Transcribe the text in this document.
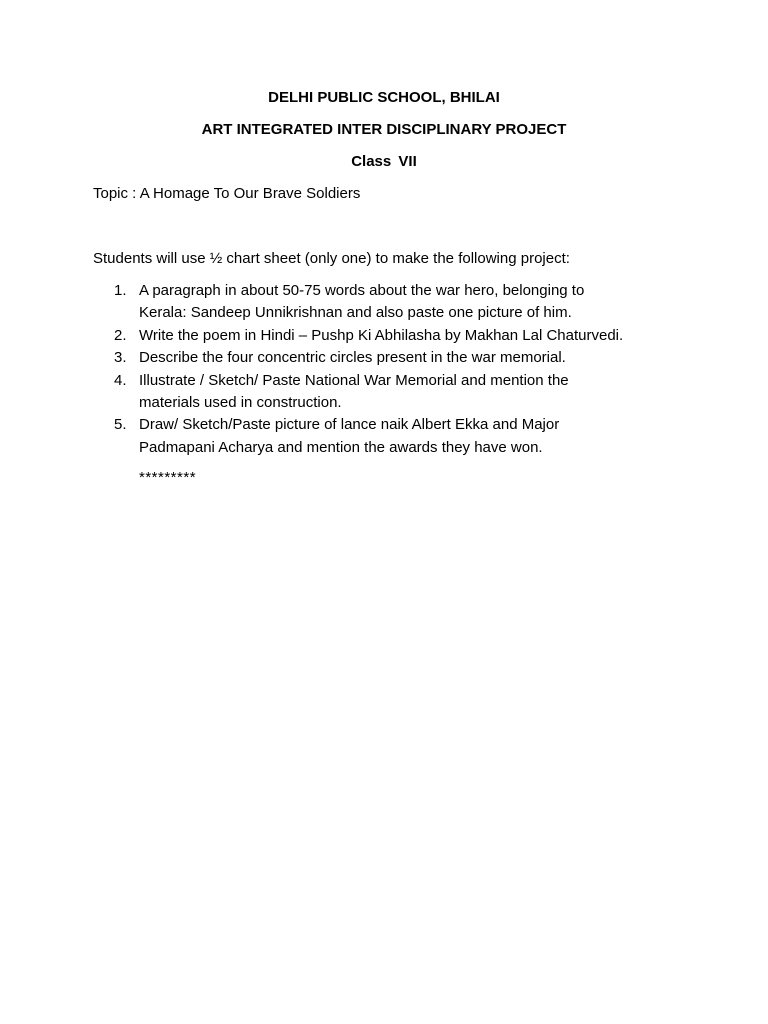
DELHI PUBLIC SCHOOL, BHILAI
ART INTEGRATED INTER DISCIPLINARY PROJECT
Class VII
Topic : A Homage To Our Brave Soldiers
Students will use ½ chart sheet (only one) to make the following project:
1. A paragraph in about 50-75 words about the war hero, belonging to
Kerala: Sandeep Unnikrishnan and also paste one picture of him.
2. Write the poem in Hindi – Pushp Ki Abhilasha by Makhan Lal Chaturvedi.
3. Describe the four concentric circles present in the war memorial.
4. Illustrate / Sketch/ Paste National War Memorial and mention the
materials used in construction.
5. Draw/ Sketch/Paste picture of lance naik Albert Ekka and Major
Padmapani Acharya and mention the awards they have won.
*********
